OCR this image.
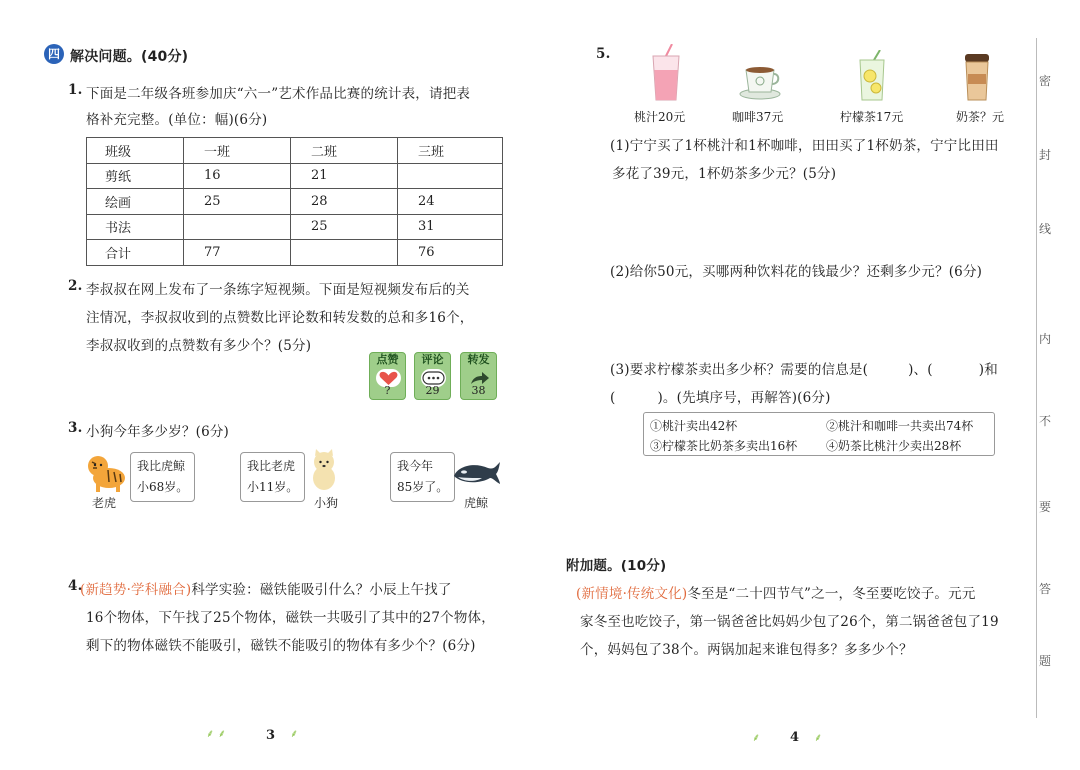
四 解决问题。(40分)
1. 下面是二年级各班参加庆“六一”艺术作品比赛的统计表，请把表
格补充完整。(单位：幅)(6分)
班级	一班	二班	三班
剪纸	16	21	
绘画	25	28	24
书法		25	31
合计	77		76
2. 李叔叔在网上发布了一条练字短视频。下面是短视频发布后的关
注情况，李叔叔收到的点赞数比评论数和转发数的总和多16个，
李叔叔收到的点赞数有多少个？(5分)
点赞
?
评论
29
转发
38
3. 小狗今年多少岁？(6分)
我比虎鲸
小68岁。
老虎
我比老虎
小11岁。
小狗
我今年
85岁了。
虎鲸
4.
(新趋势·学科融合)科学实验：磁铁能吸引什么？小辰上午找了
16个物体，下午找了25个物体，磁铁一共吸引了其中的27个物体，
剩下的物体磁铁不能吸引，磁铁不能吸引的物体有多少个？(6分)
⸙ ⸙	3 ⸙
5.
桃汁20元	咖啡37元	柠檬茶17元	奶茶？元
(1)宁宁买了1杯桃汁和1杯咖啡，田田买了1杯奶茶，宁宁比田田
多花了39元，1杯奶茶多少元？(5分)
(2)给你50元，买哪两种饮料花的钱最少？还剩多少元？(6分)
(3)要求柠檬茶卖出多少杯？需要的信息是(	)、(	)和
(	)。(先填序号，再解答)(6分)
①桃汁卖出42杯	②桃汁和咖啡一共卖出74杯
③柠檬茶比奶茶多卖出16杯 ④奶茶比桃汁少卖出28杯
附加题。(10分)
(新情境·传统文化)冬至是“二十四节气”之一，冬至要吃饺子。元元
家冬至也吃饺子，第一锅爸爸比妈妈少包了26个，第二锅爸爸包了19
个，妈妈包了38个。两锅加起来谁包得多？多多少个？
⸙ 4 ⸙
密
封
线
内
不
要
答
题
